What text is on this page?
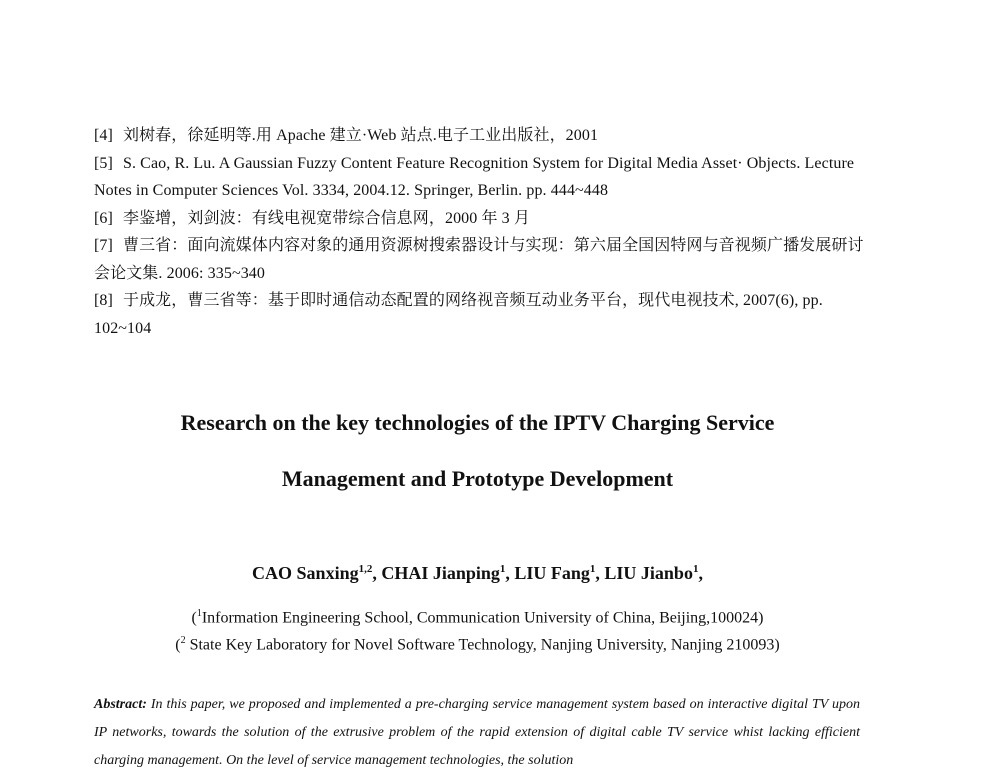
[4] 刘树春，徐延明等.用 Apache 建立·Web 站点.电子工业出版社，2001
[5] S. Cao, R. Lu. A Gaussian Fuzzy Content Feature Recognition System for Digital Media Asset· Objects. Lecture Notes in Computer Sciences Vol. 3334, 2004.12. Springer, Berlin. pp. 444~448
[6] 李鉴增，刘剑波：有线电视宽带综合信息网，2000 年 3 月
[7] 曹三省：面向流媒体内容对象的通用资源树搜索器设计与实现：第六届全国因特网与音视频广播发展研讨会论文集. 2006: 335~340
[8] 于成龙，曹三省等：基于即时通信动态配置的网络视音频互动业务平台，现代电视技术, 2007(6), pp. 102~104
Research on the key technologies of the IPTV Charging Service
Management and Prototype Development
CAO Sanxing$^{1,2}$, CHAI Jianping$^1$, LIU Fang$^1$, LIU Jianbo$^1$,
($^1$Information Engineering School, Communication University of China, Beijing,100024)
($^2$ State Key Laboratory for Novel Software Technology, Nanjing University, Nanjing 210093)
Abstract: In this paper, we proposed and implemented a pre-charging service management system based on interactive digital TV upon IP networks, towards the solution of the extrusive problem of the rapid extension of digital cable TV service whist lacking efficient charging management. On the level of service management technologies, the solution
